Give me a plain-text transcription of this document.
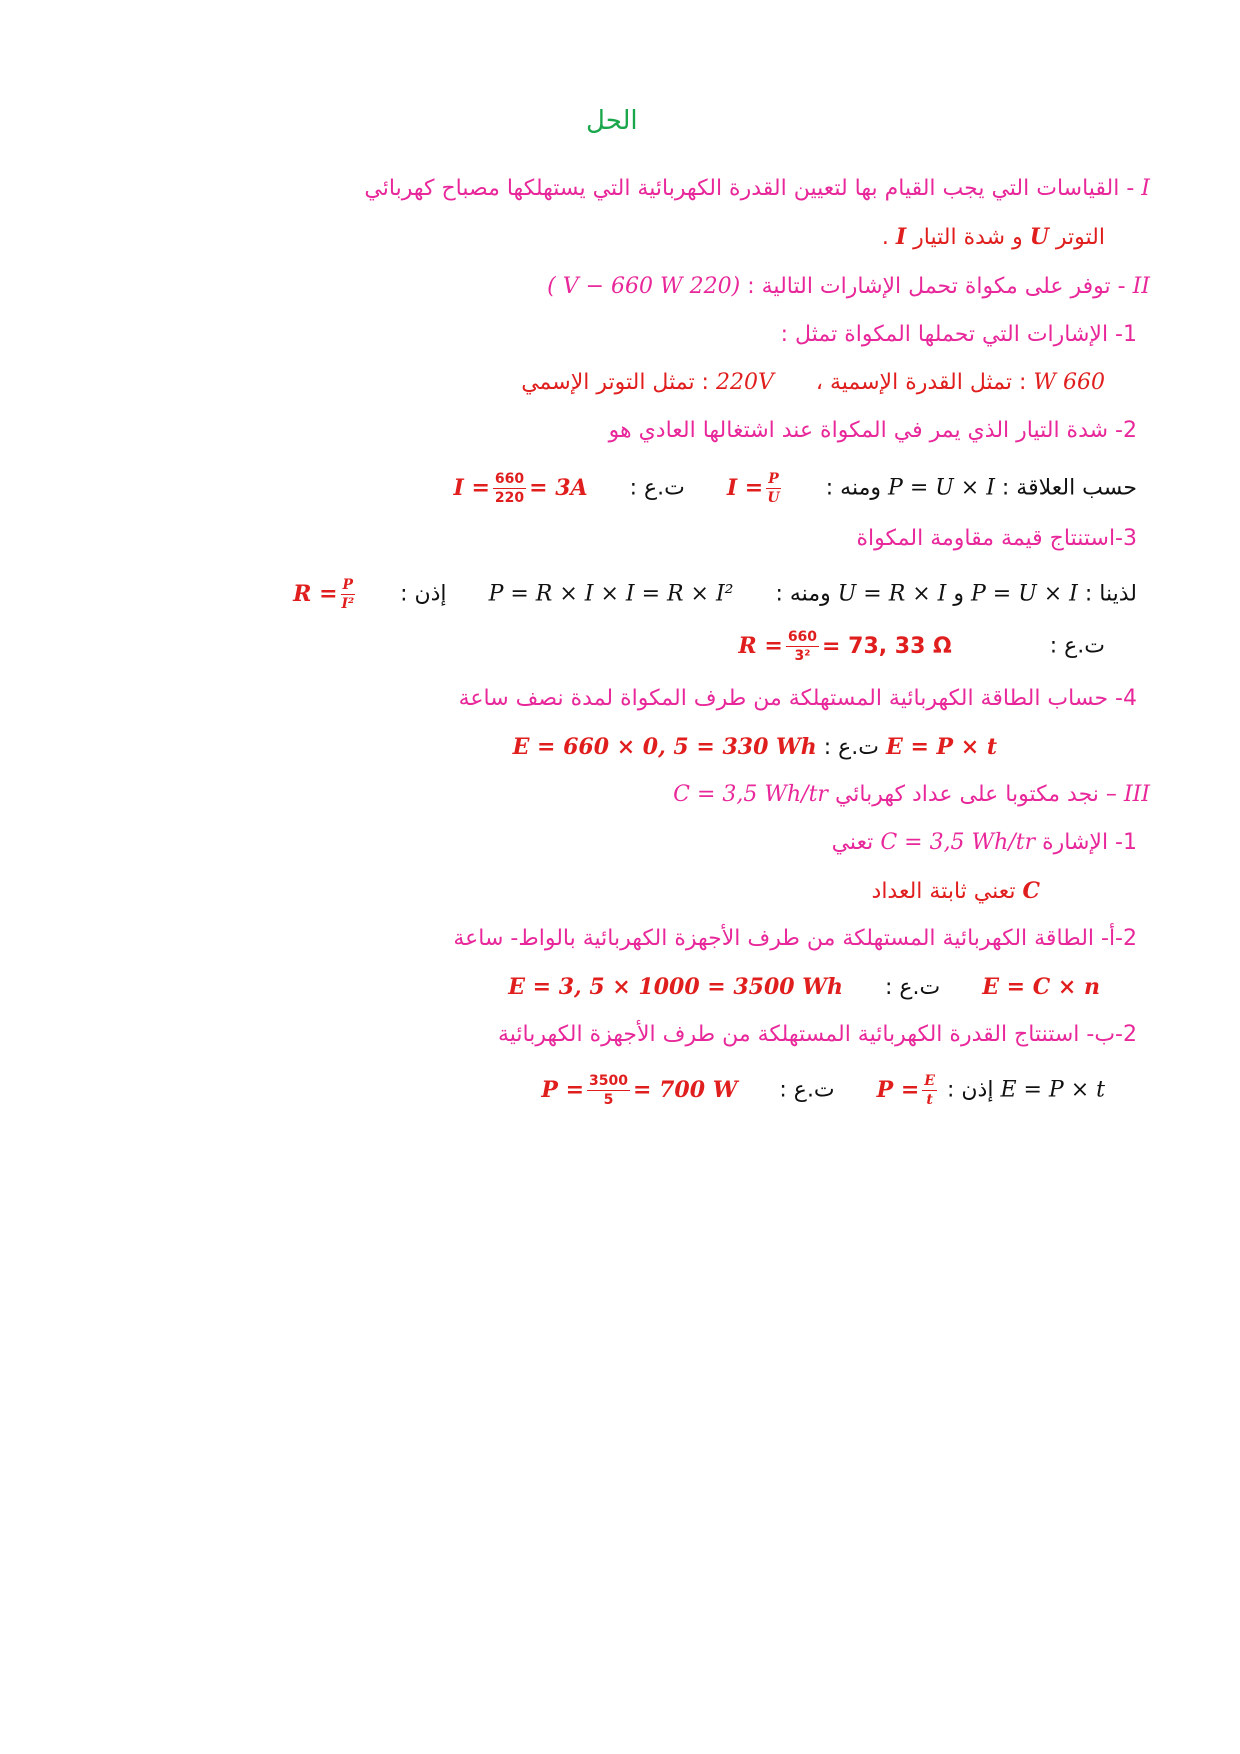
الحل
I - القياسات التي يجب القيام بها لتعيين القدرة الكهربائية التي يستهلكها مصباح كهربائي
التوتر U و شدة التيار I .
II - توفر على مكواة تحمل الإشارات التالية : (220 V − 660 W )
1- الإشارات التي تحملها المكواة تمثل :
660 W : تمثل القدرة الإسمية ،  220V : تمثل التوتر الإسمي
2- شدة التيار الذي يمر في المكواة عند اشتغالها العادي هو
حسب العلاقة : P = U × I ومنه :  $I = \frac{P}{U}$
ت.ع :  $I = \frac{660}{220} = 3A$
3-استنتاج قيمة مقاومة المكواة
لذينا : P = U × I و U = R × I ومنه :  P = R × I × I = R × I²  إذن :  $R = \frac{P}{\text{I²}}$
ت.ع :  $R = \frac{660}{\text{3²}} = 73$, 33 Ω
4- حساب الطاقة الكهربائية المستهلكة من طرف المكواة لمدة نصف ساعة
E = P × t ت.ع : E = 660 × 0, 5 = 330 Wh
III – نجد مكتوبا على عداد كهربائي C = 3,5 Wh/tr
1- الإشارة C = 3,5 Wh/tr تعني
C تعني ثابتة العداد
2-أ- الطاقة الكهربائية المستهلكة من طرف الأجهزة الكهربائية بالواط- ساعة
E = C × n  ت.ع :  E = 3, 5 × 1000 = 3500 Wh
2-ب- استنتاج القدرة الكهربائية المستهلكة من طرف الأجهزة الكهربائية
E = P × t إذن : $P = \frac{E}{t}$
ت.ع :  $P = \frac{3500}{5} = 700$ W
